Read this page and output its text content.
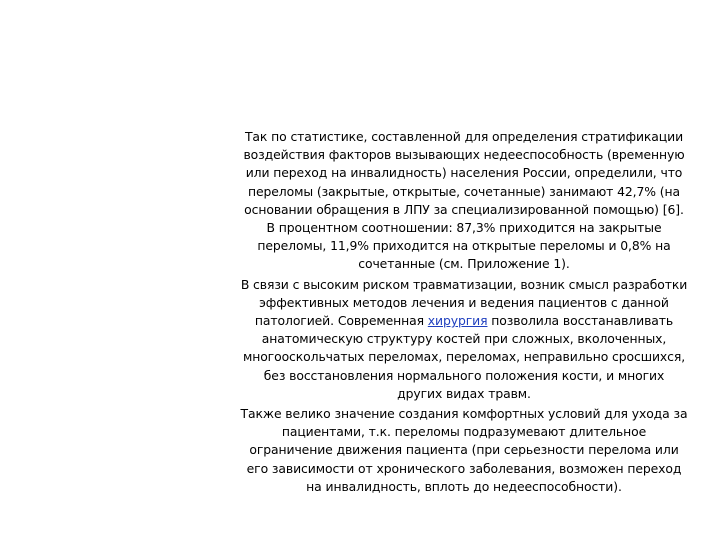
Так по статистике, составленной для определения стратификации воздействия факторов вызывающих недееспособность (временную или переход на инвалидность) населения России, определили, что переломы (закрытые, открытые, сочетанные) занимают 42,7% (на основании обращения в ЛПУ за специализированной помощью) [6]. В процентном соотношении: 87,3% приходится на закрытые переломы, 11,9% приходится на открытые переломы и 0,8% на сочетанные (см. Приложение 1).

В связи с высоким риском травматизации, возник смысл разработки эффективных методов лечения и ведения пациентов с данной патологией. Современная хирургия позволила восстанавливать анатомическую структуру костей при сложных, вколоченных, многооскольчатых переломах, переломах, неправильно сросшихся, без восстановления нормального положения кости, и многих других видах травм.

Также велико значение создания комфортных условий для ухода за пациентами, т.к. переломы подразумевают длительное ограничение движения пациента (при серьезности перелома или его зависимости от хронического заболевания, возможен переход на инвалидность, вплоть до недееспособности).
